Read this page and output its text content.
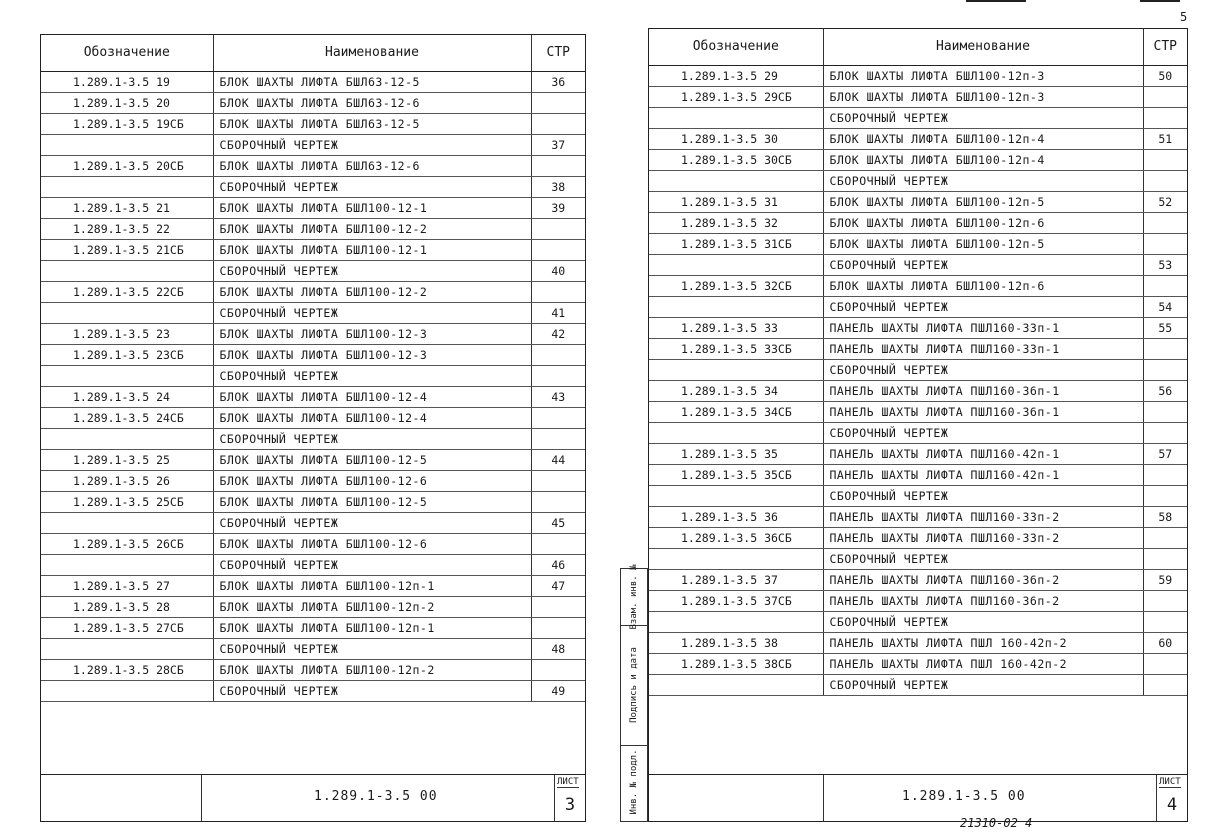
5
Обозначение	Наименование	СТР
1.289.1-3.5 19	БЛОК ШАХТЫ ЛИФТА БШЛ63-12-5	36
1.289.1-3.5 20	БЛОК ШАХТЫ ЛИФТА БШЛ63-12-6	
1.289.1-3.5 19СБ	БЛОК ШАХТЫ ЛИФТА БШЛ63-12-5	
	СБОРОЧНЫЙ ЧЕРТЕЖ	37
1.289.1-3.5 20СБ	БЛОК ШАХТЫ ЛИФТА БШЛ63-12-6	
	СБОРОЧНЫЙ ЧЕРТЕЖ	38
1.289.1-3.5 21	БЛОК ШАХТЫ ЛИФТА БШЛ100-12-1	39
1.289.1-3.5 22	БЛОК ШАХТЫ ЛИФТА БШЛ100-12-2	
1.289.1-3.5 21СБ	БЛОК ШАХТЫ ЛИФТА БШЛ100-12-1	
	СБОРОЧНЫЙ ЧЕРТЕЖ	40
1.289.1-3.5 22СБ	БЛОК ШАХТЫ ЛИФТА БШЛ100-12-2	
	СБОРОЧНЫЙ ЧЕРТЕЖ	41
1.289.1-3.5 23	БЛОК ШАХТЫ ЛИФТА БШЛ100-12-3	42
1.289.1-3.5 23СБ	БЛОК ШАХТЫ ЛИФТА БШЛ100-12-3	
	СБОРОЧНЫЙ ЧЕРТЕЖ	
1.289.1-3.5 24	БЛОК ШАХТЫ ЛИФТА БШЛ100-12-4	43
1.289.1-3.5 24СБ	БЛОК ШАХТЫ ЛИФТА БШЛ100-12-4	
	СБОРОЧНЫЙ ЧЕРТЕЖ	
1.289.1-3.5 25	БЛОК ШАХТЫ ЛИФТА БШЛ100-12-5	44
1.289.1-3.5 26	БЛОК ШАХТЫ ЛИФТА БШЛ100-12-6	
1.289.1-3.5 25СБ	БЛОК ШАХТЫ ЛИФТА БШЛ100-12-5	
	СБОРОЧНЫЙ ЧЕРТЕЖ	45
1.289.1-3.5 26СБ	БЛОК ШАХТЫ ЛИФТА БШЛ100-12-6	
	СБОРОЧНЫЙ ЧЕРТЕЖ	46
1.289.1-3.5 27	БЛОК ШАХТЫ ЛИФТА БШЛ100-12п-1	47
1.289.1-3.5 28	БЛОК ШАХТЫ ЛИФТА БШЛ100-12п-2	
1.289.1-3.5 27СБ	БЛОК ШАХТЫ ЛИФТА БШЛ100-12п-1	
	СБОРОЧНЫЙ ЧЕРТЕЖ	48
1.289.1-3.5 28СБ	БЛОК ШАХТЫ ЛИФТА БШЛ100-12п-2	
	СБОРОЧНЫЙ ЧЕРТЕЖ	49
1.289.1-3.5 00
ЛИСТ
3
Взам. инв. №
Подпись и дата
Инв. № подл.
Обозначение	Наименование	СТР
1.289.1-3.5 29	БЛОК ШАХТЫ ЛИФТА БШЛ100-12п-3	50
1.289.1-3.5 29СБ	БЛОК ШАХТЫ ЛИФТА БШЛ100-12п-3	
	СБОРОЧНЫЙ ЧЕРТЕЖ	
1.289.1-3.5 30	БЛОК ШАХТЫ ЛИФТА БШЛ100-12п-4	51
1.289.1-3.5 30СБ	БЛОК ШАХТЫ ЛИФТА БШЛ100-12п-4	
	СБОРОЧНЫЙ ЧЕРТЕЖ	
1.289.1-3.5 31	БЛОК ШАХТЫ ЛИФТА БШЛ100-12п-5	52
1.289.1-3.5 32	БЛОК ШАХТЫ ЛИФТА БШЛ100-12п-6	
1.289.1-3.5 31СБ	БЛОК ШАХТЫ ЛИФТА БШЛ100-12п-5	
	СБОРОЧНЫЙ ЧЕРТЕЖ	53
1.289.1-3.5 32СБ	БЛОК ШАХТЫ ЛИФТА БШЛ100-12п-6	
	СБОРОЧНЫЙ ЧЕРТЕЖ	54
1.289.1-3.5 33	ПАНЕЛЬ ШАХТЫ ЛИФТА ПШЛ160-33п-1	55
1.289.1-3.5 33СБ	ПАНЕЛЬ ШАХТЫ ЛИФТА ПШЛ160-33п-1	
	СБОРОЧНЫЙ ЧЕРТЕЖ	
1.289.1-3.5 34	ПАНЕЛЬ ШАХТЫ ЛИФТА ПШЛ160-36п-1	56
1.289.1-3.5 34СБ	ПАНЕЛЬ ШАХТЫ ЛИФТА ПШЛ160-36п-1	
	СБОРОЧНЫЙ ЧЕРТЕЖ	
1.289.1-3.5 35	ПАНЕЛЬ ШАХТЫ ЛИФТА ПШЛ160-42п-1	57
1.289.1-3.5 35СБ	ПАНЕЛЬ ШАХТЫ ЛИФТА ПШЛ160-42п-1	
	СБОРОЧНЫЙ ЧЕРТЕЖ	
1.289.1-3.5 36	ПАНЕЛЬ ШАХТЫ ЛИФТА ПШЛ160-33п-2	58
1.289.1-3.5 36СБ	ПАНЕЛЬ ШАХТЫ ЛИФТА ПШЛ160-33п-2	
	СБОРОЧНЫЙ ЧЕРТЕЖ	
1.289.1-3.5 37	ПАНЕЛЬ ШАХТЫ ЛИФТА ПШЛ160-36п-2	59
1.289.1-3.5 37СБ	ПАНЕЛЬ ШАХТЫ ЛИФТА ПШЛ160-36п-2	
	СБОРОЧНЫЙ ЧЕРТЕЖ	
1.289.1-3.5 38	ПАНЕЛЬ ШАХТЫ ЛИФТА ПШЛ 160-42п-2	60
1.289.1-3.5 38СБ	ПАНЕЛЬ ШАХТЫ ЛИФТА ПШЛ 160-42п-2	
	СБОРОЧНЫЙ ЧЕРТЕЖ	
1.289.1-3.5 00
ЛИСТ
4
21310-02 4
